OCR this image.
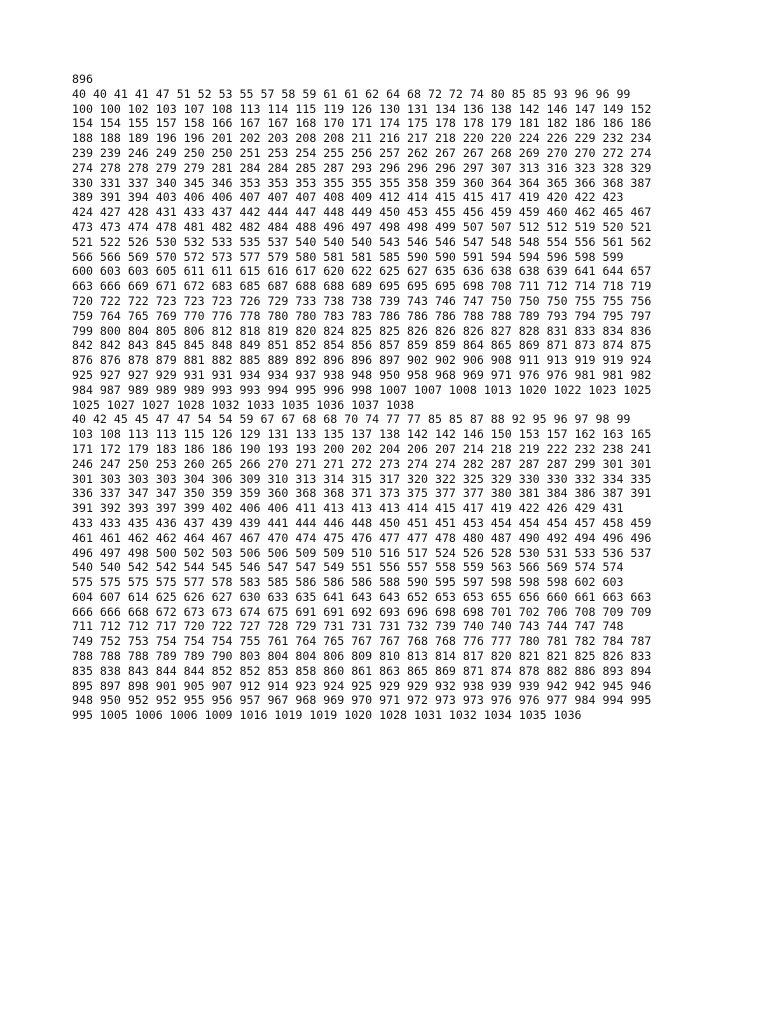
896
40 40 41 41 47 51 52 53 55 57 58 59 61 61 62 64 68 72 72 74 80 85 85 93 96 96 99
100 100 102 103 107 108 113 114 115 119 126 130 131 134 136 138 142 146 147 149 152
154 154 155 157 158 166 167 167 168 170 171 174 175 178 178 179 181 182 186 186 186
188 188 189 196 196 201 202 203 208 208 211 216 217 218 220 220 224 226 229 232 234
239 239 246 249 250 250 251 253 254 255 256 257 262 267 267 268 269 270 270 272 274
274 278 278 279 279 281 284 284 285 287 293 296 296 296 297 307 313 316 323 328 329
330 331 337 340 345 346 353 353 353 355 355 355 358 359 360 364 364 365 366 368 387
389 391 394 403 406 406 407 407 407 408 409 412 414 415 415 417 419 420 422 423
424 427 428 431 433 437 442 444 447 448 449 450 453 455 456 459 459 460 462 465 467
473 473 474 478 481 482 482 484 488 496 497 498 498 499 507 507 512 512 519 520 521
521 522 526 530 532 533 535 537 540 540 540 543 546 546 547 548 548 554 556 561 562
566 566 569 570 572 573 577 579 580 581 581 585 590 590 591 594 594 596 598 599
600 603 603 605 611 611 615 616 617 620 622 625 627 635 636 638 638 639 641 644 657
663 666 669 671 672 683 685 687 688 688 689 695 695 695 698 708 711 712 714 718 719
720 722 722 723 723 723 726 729 733 738 738 739 743 746 747 750 750 750 755 755 756
759 764 765 769 770 776 778 780 780 783 783 786 786 786 788 788 789 793 794 795 797
799 800 804 805 806 812 818 819 820 824 825 825 826 826 826 827 828 831 833 834 836
842 842 843 845 845 848 849 851 852 854 856 857 859 859 864 865 869 871 873 874 875
876 876 878 879 881 882 885 889 892 896 896 897 902 902 906 908 911 913 919 919 924
925 927 927 929 931 931 934 934 937 938 948 950 958 968 969 971 976 976 981 981 982
984 987 989 989 989 993 993 994 995 996 998 1007 1007 1008 1013 1020 1022 1023 1025
1025 1027 1027 1028 1032 1033 1035 1036 1037 1038
40 42 45 45 47 47 54 54 59 67 67 68 68 70 74 77 77 85 85 87 88 92 95 96 97 98 99
103 108 113 113 115 126 129 131 133 135 137 138 142 142 146 150 153 157 162 163 165
171 172 179 183 186 186 190 193 193 200 202 204 206 207 214 218 219 222 232 238 241
246 247 250 253 260 265 266 270 271 271 272 273 274 274 282 287 287 287 299 301 301
301 303 303 303 304 306 309 310 313 314 315 317 320 322 325 329 330 330 332 334 335
336 337 347 347 350 359 359 360 368 368 371 373 375 377 377 380 381 384 386 387 391
391 392 393 397 399 402 406 406 411 413 413 413 414 415 417 419 422 426 429 431
433 433 435 436 437 439 439 441 444 446 448 450 451 451 453 454 454 454 457 458 459
461 461 462 462 464 467 467 470 474 475 476 477 477 478 480 487 490 492 494 496 496
496 497 498 500 502 503 506 506 509 509 510 516 517 524 526 528 530 531 533 536 537
540 540 542 542 544 545 546 547 547 549 551 556 557 558 559 563 566 569 574 574
575 575 575 575 577 578 583 585 586 586 586 588 590 595 597 598 598 598 602 603
604 607 614 625 626 627 630 633 635 641 643 643 652 653 653 655 656 660 661 663 663
666 666 668 672 673 673 674 675 691 691 692 693 696 698 698 701 702 706 708 709 709
711 712 712 717 720 722 727 728 729 731 731 731 732 739 740 740 743 744 747 748
749 752 753 754 754 754 755 761 764 765 767 767 768 768 776 777 780 781 782 784 787
788 788 788 789 789 790 803 804 804 806 809 810 813 814 817 820 821 821 825 826 833
835 838 843 844 844 852 852 853 858 860 861 863 865 869 871 874 878 882 886 893 894
895 897 898 901 905 907 912 914 923 924 925 929 929 932 938 939 939 942 942 945 946
948 950 952 952 955 956 957 967 968 969 970 971 972 973 973 976 976 977 984 994 995
995 1005 1006 1006 1009 1016 1019 1019 1020 1028 1031 1032 1034 1035 1036
